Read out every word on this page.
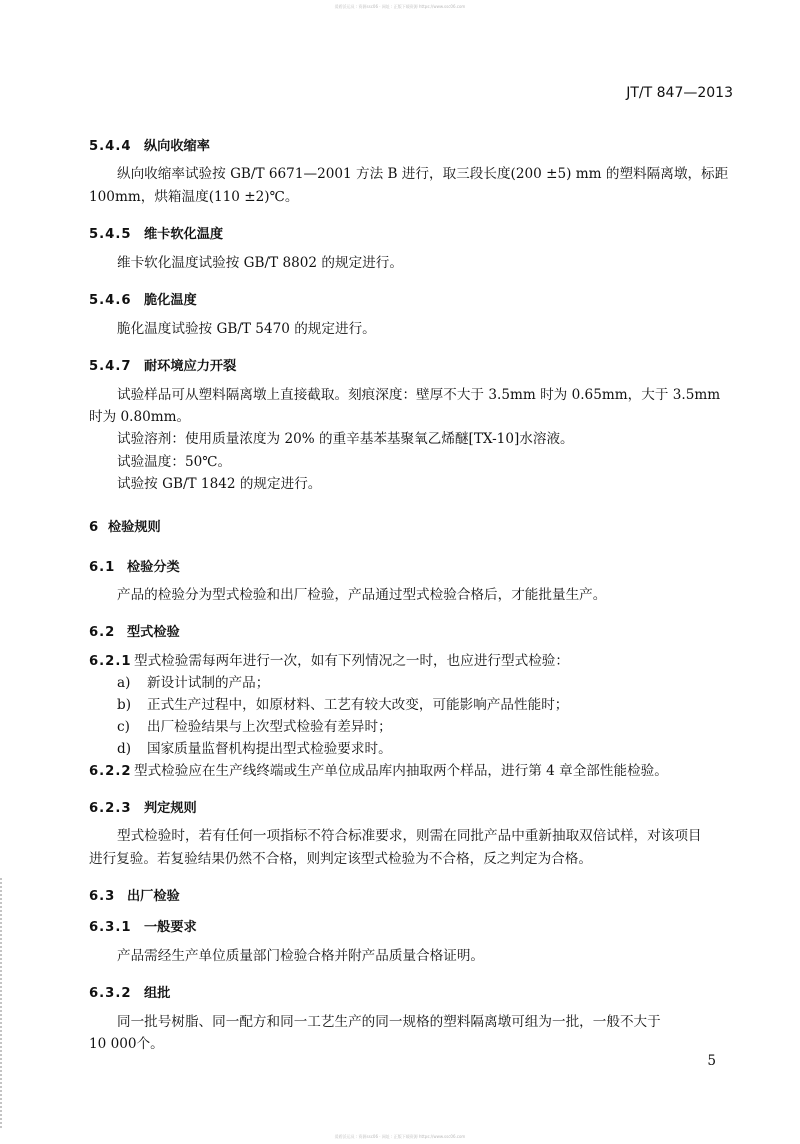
爱碧沃运员 : 资源ssc06 · 网址 : 正版下载资源 https://www.ssc06.com
JT/T 847—2013
5.4.4 纵向收缩率
纵向收缩率试验按 GB/T 6671—2001 方法 B 进行，取三段长度(200 ±5) mm 的塑料隔离墩，标距
100mm，烘箱温度(110 ±2)℃。
5.4.5 维卡软化温度
维卡软化温度试验按 GB/T 8802 的规定进行。
5.4.6 脆化温度
脆化温度试验按 GB/T 5470 的规定进行。
5.4.7 耐环境应力开裂
试验样品可从塑料隔离墩上直接截取。刻痕深度：壁厚不大于 3.5mm 时为 0.65mm，大于 3.5mm
时为 0.80mm。
试验溶剂：使用质量浓度为 20% 的重辛基苯基聚氧乙烯醚[TX-10]水溶液。
试验温度：50℃。
试验按 GB/T 1842 的规定进行。
6 检验规则
6.1 检验分类
产品的检验分为型式检验和出厂检验，产品通过型式检验合格后，才能批量生产。
6.2 型式检验
6.2.1 型式检验需每两年进行一次，如有下列情况之一时，也应进行型式检验：
a) 新设计试制的产品；
b) 正式生产过程中，如原材料、工艺有较大改变，可能影响产品性能时；
c) 出厂检验结果与上次型式检验有差异时；
d) 国家质量监督机构提出型式检验要求时。
6.2.2 型式检验应在生产线终端或生产单位成品库内抽取两个样品，进行第 4 章全部性能检验。
6.2.3 判定规则
型式检验时，若有任何一项指标不符合标准要求，则需在同批产品中重新抽取双倍试样，对该项目
进行复验。若复验结果仍然不合格，则判定该型式检验为不合格，反之判定为合格。
6.3 出厂检验
6.3.1 一般要求
产品需经生产单位质量部门检验合格并附产品质量合格证明。
6.3.2 组批
同一批号树脂、同一配方和同一工艺生产的同一规格的塑料隔离墩可组为一批，一般不大于
10 000个。
5
爱碧沃运员 : 资源ssc06 · 网址 : 正版下载资源 https://www.ssc06.com
